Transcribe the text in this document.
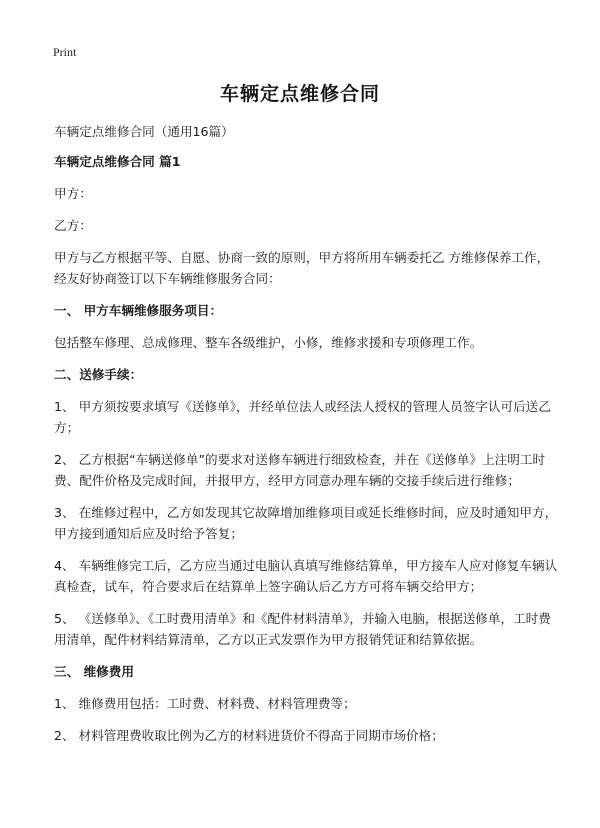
Print
车辆定点维修合同

车辆定点维修合同（通用16篇）

车辆定点维修合同 篇1

甲方：

乙方：

甲方与乙方根据平等、自愿、协商一致的原则，甲方将所用车辆委托乙 方维修保养工作，经友好协商签订以下车辆维修服务合同：

一、 甲方车辆维修服务项目：

包括整车修理、总成修理、整车各级维护，小修，维修求援和专项修理工作。

二、送修手续：

1、 甲方须按要求填写《送修单》，并经单位法人或经法人授权的管理人员签字认可后送乙方；

2、 乙方根据“车辆送修单”的要求对送修车辆进行细致检查，并在《送修单》上注明工时费、配件价格及完成时间，并报甲方，经甲方同意办理车辆的交接手续后进行维修；

3、 在维修过程中，乙方如发现其它故障增加维修项目或延长维修时间，应及时通知甲方，甲方接到通知后应及时给予答复；

4、 车辆维修完工后，乙方应当通过电脑认真填写维修结算单，甲方接车人应对修复车辆认真检查，试车，符合要求后在结算单上签字确认后乙方方可将车辆交给甲方；

5、 《送修单》、《工时费用清单》和《配件材料清单》，并输入电脑，根据送修单，工时费用清单，配件材料结算清单，乙方以正式发票作为甲方报销凭证和结算依据。

三、 维修费用

1、 维修费用包括：工时费、材料费、材料管理费等；

2、 材料管理费收取比例为乙方的材料进货价不得高于同期市场价格；
